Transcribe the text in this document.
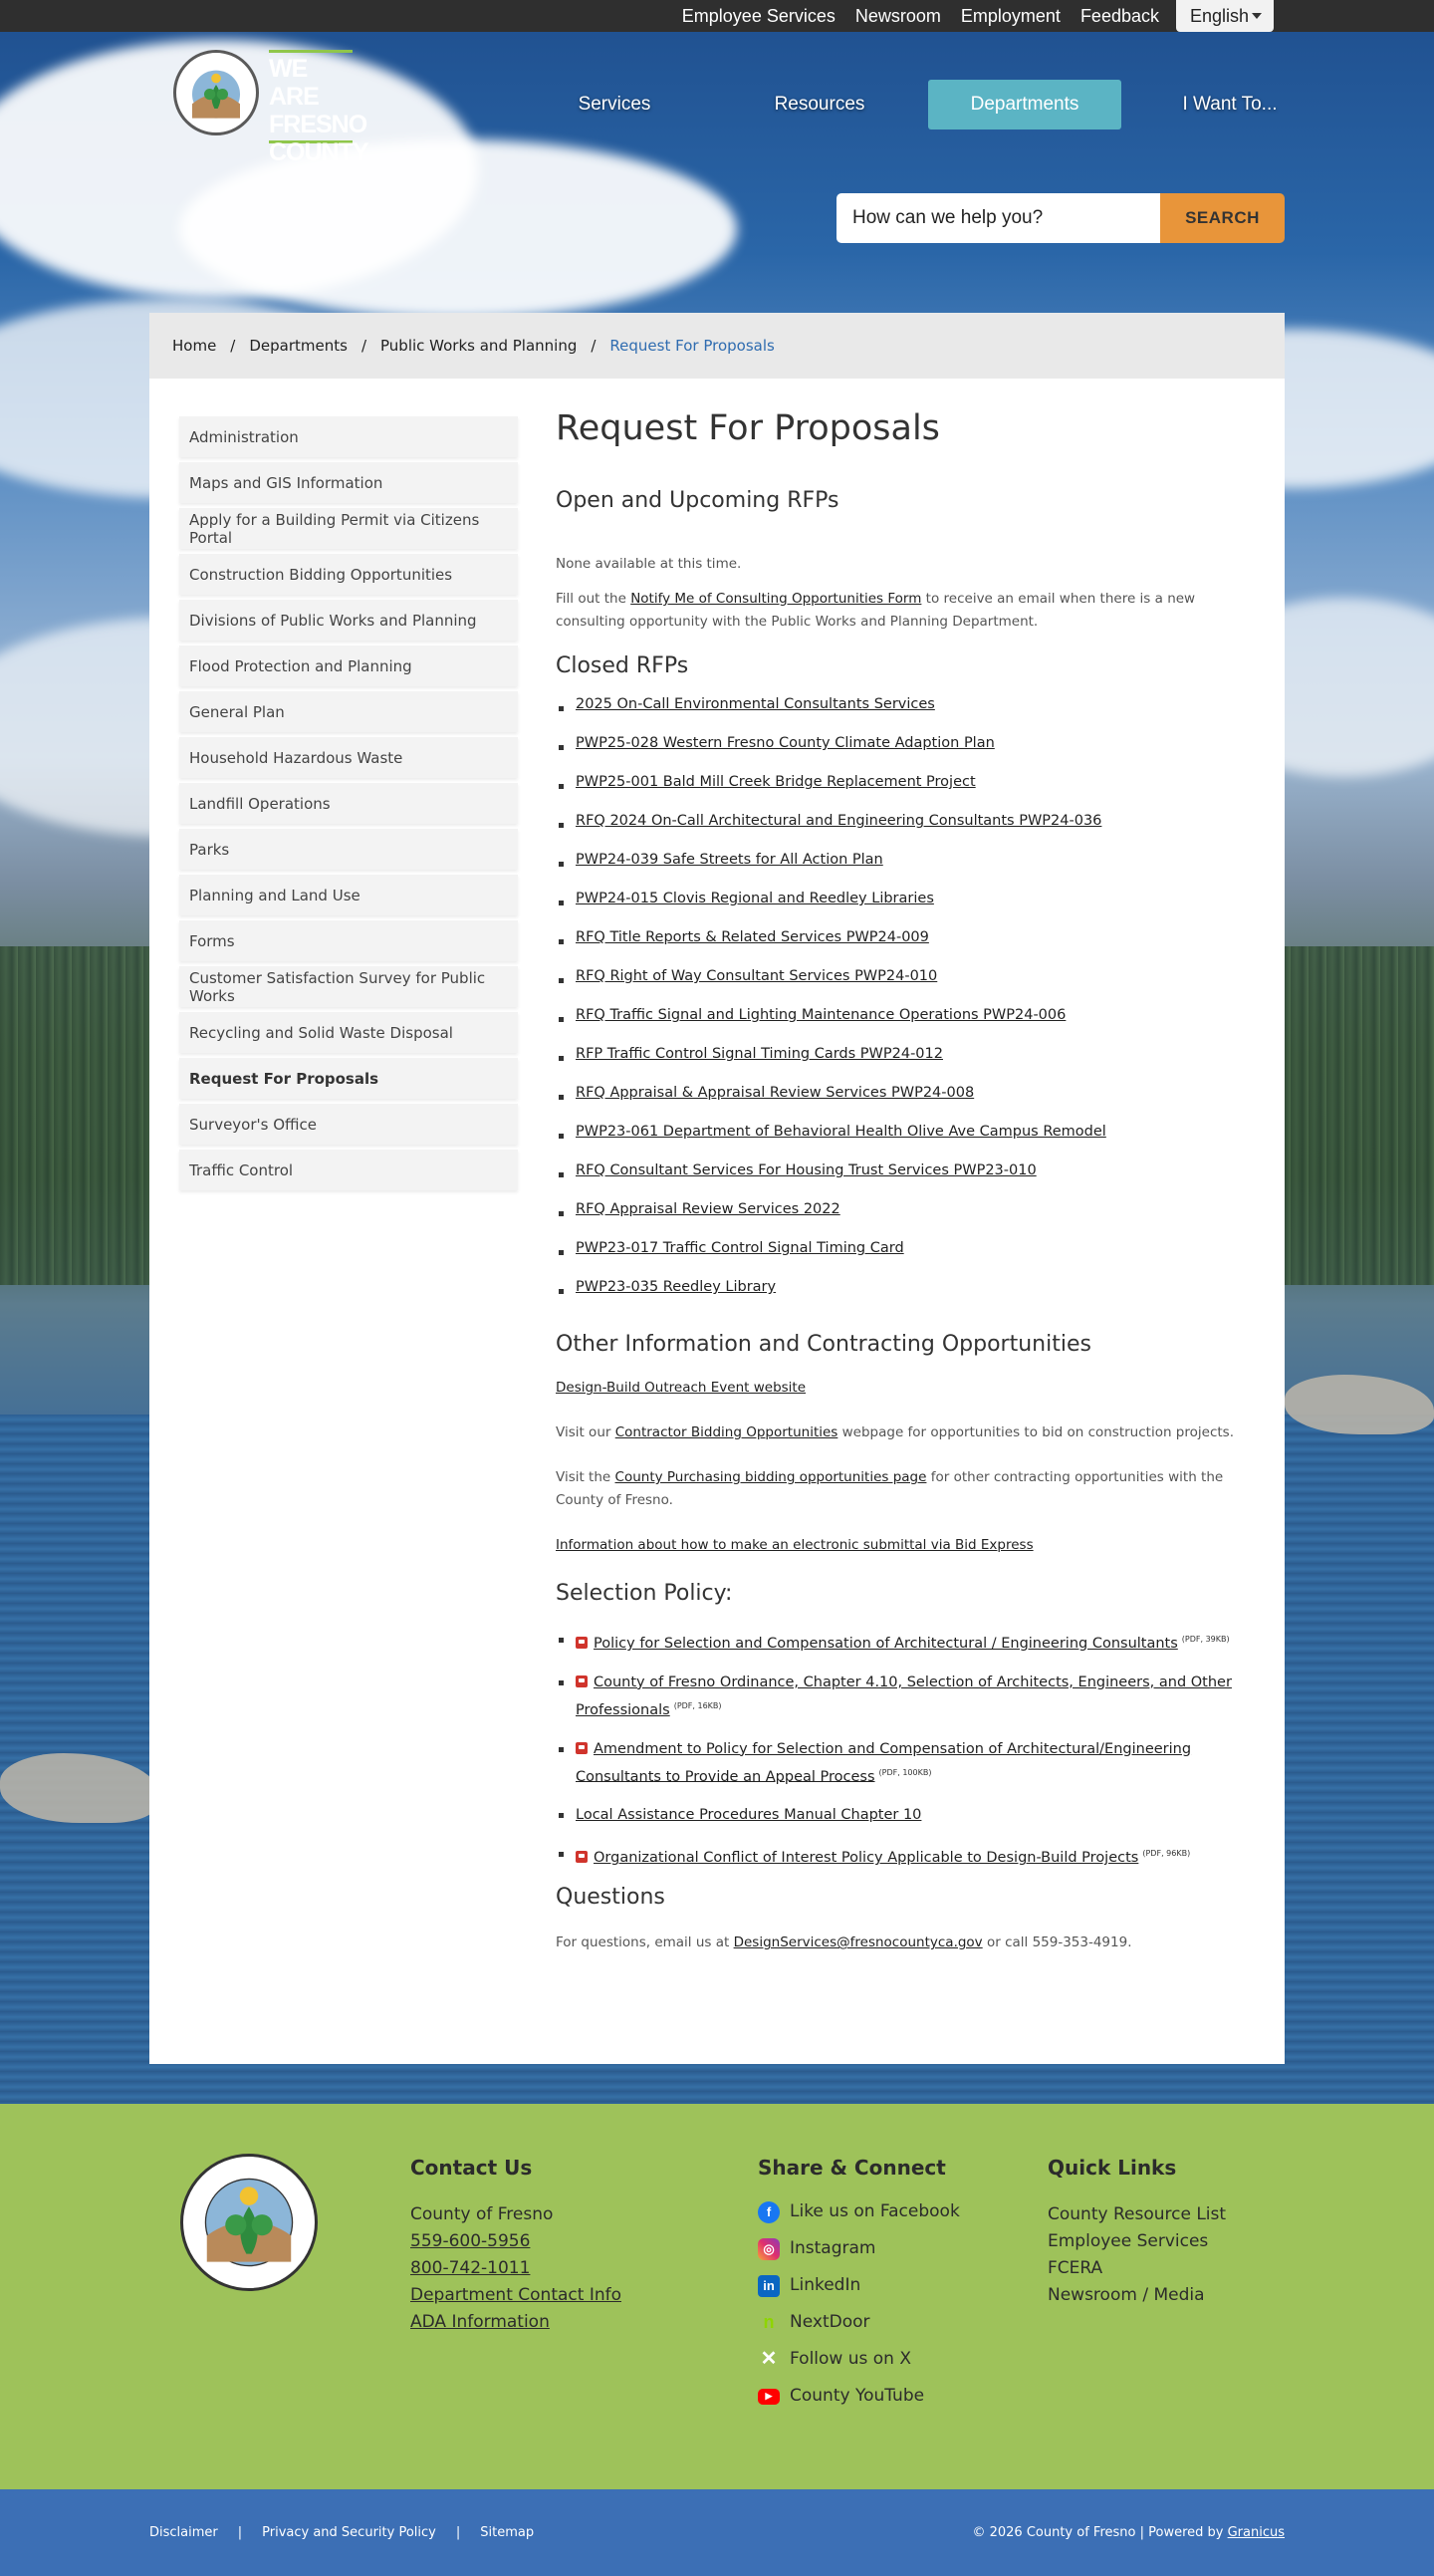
Employee Services Newsroom Employment Feedback English
WE ARE FRESNO COUNTY
Services	Resources	Departments	I Want To...
How can we help you?
SEARCH
Home / Departments / Public Works and Planning / Request For Proposals
Administration
Maps and GIS Information
Apply for a Building Permit via Citizens Portal
Construction Bidding Opportunities
Divisions of Public Works and Planning
Flood Protection and Planning
General Plan
Household Hazardous Waste
Landfill Operations
Parks
Planning and Land Use
Forms
Customer Satisfaction Survey for Public Works
Recycling and Solid Waste Disposal
Request For Proposals
Surveyor's Office
Traffic Control
Request For Proposals
Open and Upcoming RFPs

None available at this time.

Fill out the Notify Me of Consulting Opportunities Form to receive an email when there is a new consulting opportunity with the Public Works and Planning Department.

Closed RFPs
2025 On-Call Environmental Consultants Services
PWP25-028 Western Fresno County Climate Adaption Plan
PWP25-001 Bald Mill Creek Bridge Replacement Project
RFQ 2024 On-Call Architectural and Engineering Consultants PWP24-036
PWP24-039 Safe Streets for All Action Plan
PWP24-015 Clovis Regional and Reedley Libraries
RFQ Title Reports & Related Services PWP24-009
RFQ Right of Way Consultant Services PWP24-010
RFQ Traffic Signal and Lighting Maintenance Operations PWP24-006
RFP Traffic Control Signal Timing Cards PWP24-012
RFQ Appraisal & Appraisal Review Services PWP24-008
PWP23-061 Department of Behavioral Health Olive Ave Campus Remodel
RFQ Consultant Services For Housing Trust Services PWP23-010
RFQ Appraisal Review Services 2022
PWP23-017 Traffic Control Signal Timing Card
PWP23-035 Reedley Library
Other Information and Contracting Opportunities

Design-Build Outreach Event website

Visit our Contractor Bidding Opportunities webpage for opportunities to bid on construction projects.

Visit the County Purchasing bidding opportunities page for other contracting opportunities with the County of Fresno.

Information about how to make an electronic submittal via Bid Express

Selection Policy:
Policy for Selection and Compensation of Architectural / Engineering Consultants $^{(PDF, 39KB)}$
County of Fresno Ordinance, Chapter 4.10, Selection of Architects, Engineers, and Other Professionals $^{(PDF, 16KB)}$
Amendment to Policy for Selection and Compensation of Architectural/Engineering Consultants to Provide an Appeal Process $^{(PDF, 100KB)}$
Local Assistance Procedures Manual Chapter 10
Organizational Conflict of Interest Policy Applicable to Design-Build Projects $^{(PDF, 96KB)}$
Questions

For questions, email us at DesignServices@fresnocountyca.gov or call 559-353-4919.

Contact Us
County of Fresno
559-600-5956
800-742-1011
Department Contact Info
ADA Information
Share & Connect
f	Like us on Facebook
◎ Instagram
in LinkedIn
n NextDoor
✕ Follow us on X
▶	County YouTube
Quick Links
County Resource List
Employee Services
FCERA
Newsroom / Media
Disclaimer | Privacy and Security Policy | Sitemap	© 2026 County of Fresno | Powered by Granicus
